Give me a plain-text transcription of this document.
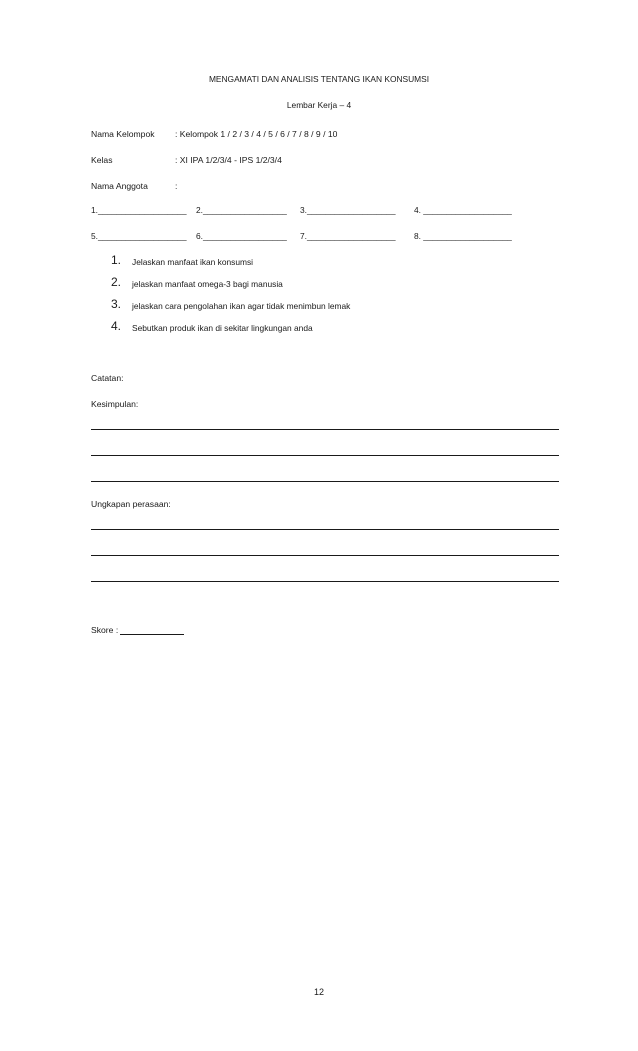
MENGAMATI DAN ANALISIS TENTANG IKAN KONSUMSI
Lembar Kerja – 4
Nama Kelompok : Kelompok 1 / 2 / 3 / 4 / 5 / 6 / 7 / 8 / 9 / 10
Kelas	: XI IPA 1/2/3/4 - IPS 1/2/3/4
Nama Anggota	:
1.___________________ 2.__________________ 3.___________________ 4. ___________________
5.___________________ 6.__________________ 7.___________________ 8. ___________________
1. Jelaskan manfaat ikan konsumsi
2. jelaskan manfaat omega-3 bagi manusia
3. jelaskan cara pengolahan ikan agar tidak menimbun lemak
4. Sebutkan produk ikan di sekitar lingkungan anda
Catatan:
Kesimpulan:
Ungkapan perasaan:
Skore :
12
